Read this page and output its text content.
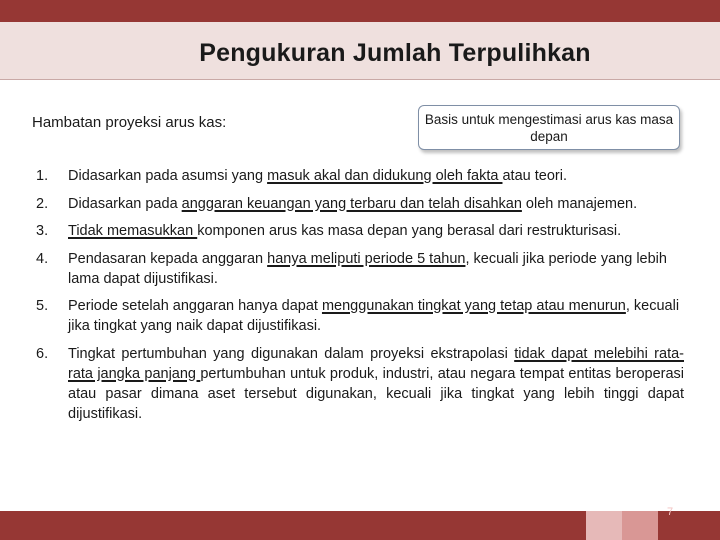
Pengukuran Jumlah Terpulihkan
Hambatan proyeksi arus kas:	Basis untuk mengestimasi arus kas masa depan
1. Didasarkan pada asumsi yang masuk akal dan didukung oleh fakta atau teori.
2. Didasarkan pada anggaran keuangan yang terbaru dan telah disahkan oleh manajemen.
3. Tidak memasukkan komponen arus kas masa depan yang berasal dari restrukturisasi.
4. Pendasaran kepada anggaran hanya meliputi periode 5 tahun, kecuali jika periode yang lebih lama dapat dijustifikasi.
5. Periode setelah anggaran hanya dapat menggunakan tingkat yang tetap atau menurun, kecuali jika tingkat yang naik dapat dijustifikasi.
6. Tingkat pertumbuhan yang digunakan dalam proyeksi ekstrapolasi tidak dapat melebihi rata-rata jangka panjang pertumbuhan untuk produk, industri, atau negara tempat entitas beroperasi atau pasar dimana aset tersebut digunakan, kecuali jika tingkat yang lebih tinggi dapat dijustifikasi.
7
